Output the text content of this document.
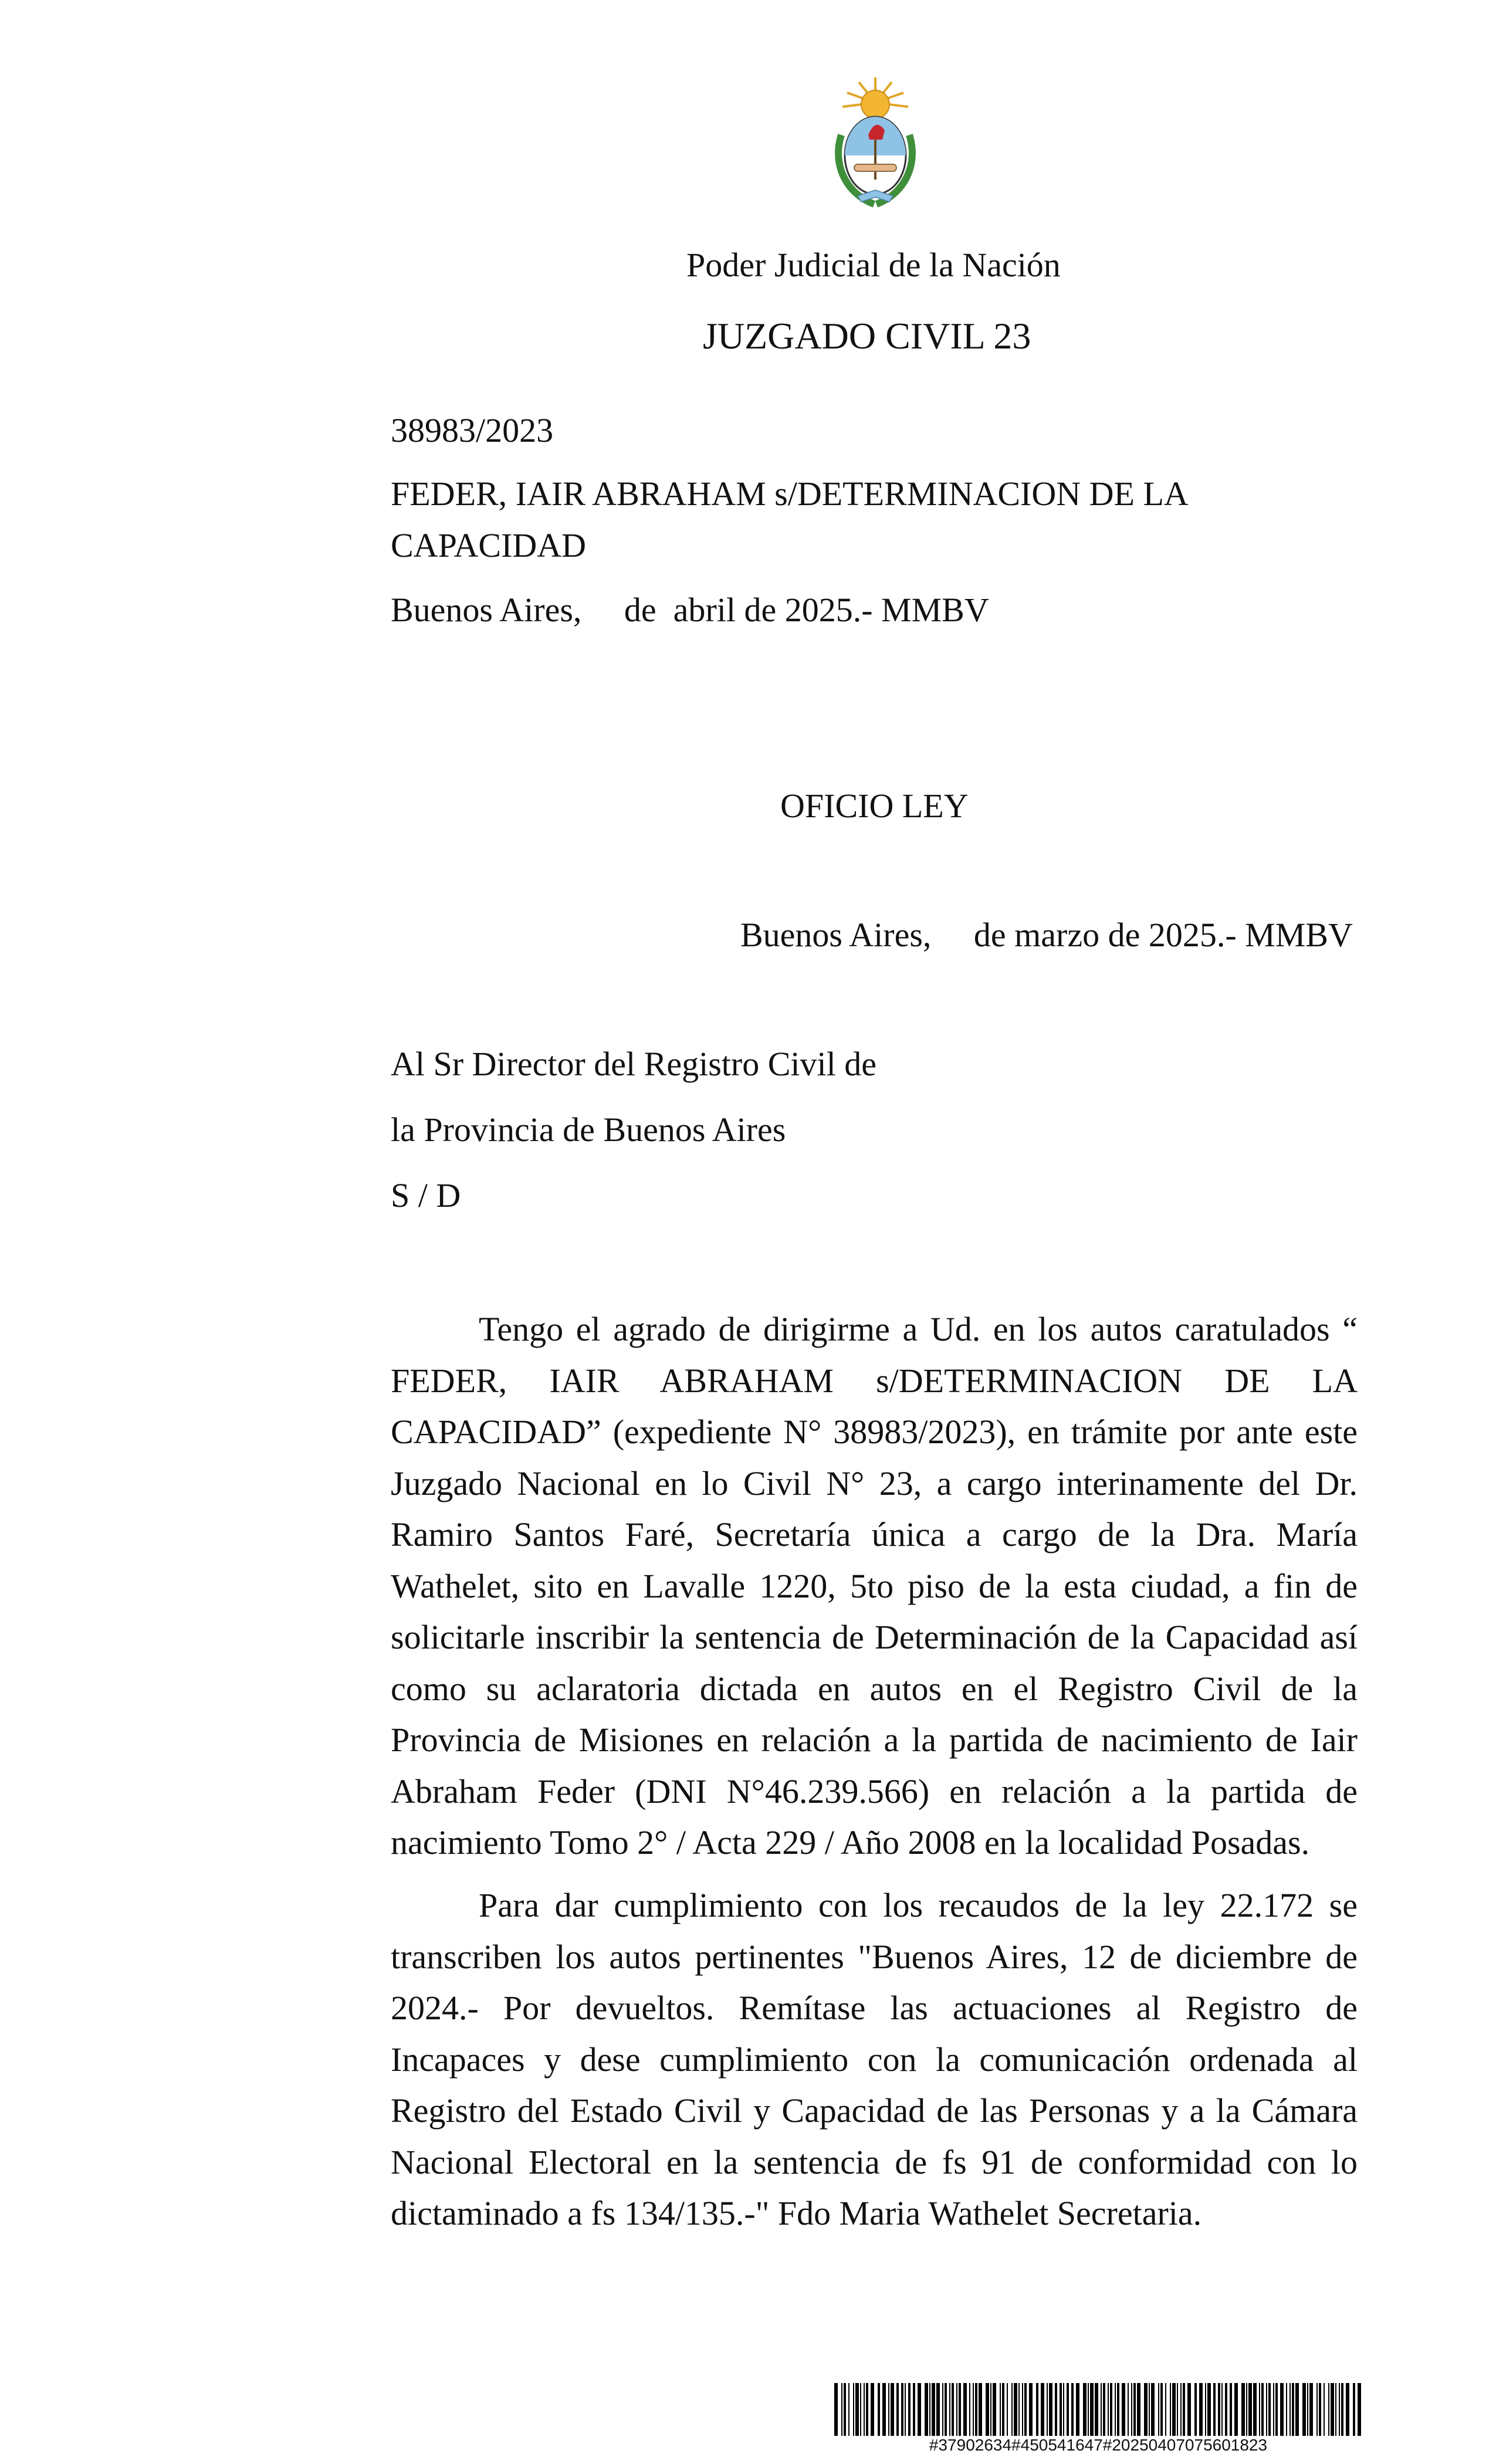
Poder Judicial de la Nación
JUZGADO CIVIL 23
38983/2023
FEDER, IAIR ABRAHAM s/DETERMINACION DE LA
CAPACIDAD
Buenos Aires,     de  abril de 2025.- MMBV
OFICIO LEY
Buenos Aires,     de marzo de 2025.- MMBV
Al Sr Director del Registro Civil de
la Provincia de Buenos Aires
S / D

Tengo el agrado de dirigirme a Ud. en los autos caratulados “ FEDER, IAIR ABRAHAM s/DETERMINACION DE LA CAPACIDAD” (expediente N° 38983/2023), en trámite por ante este Juzgado Nacional en lo Civil N° 23, a cargo interinamente del Dr. Ramiro Santos Faré, Secretaría única a cargo de la Dra. María Wathelet, sito en Lavalle 1220, 5to piso de la esta ciudad, a fin de solicitarle inscribir la sentencia de Determinación de la Capacidad así como su aclaratoria dictada en autos en el Registro Civil de la Provincia de Misiones en relación a la partida de nacimiento de Iair Abraham Feder (DNI N°46.239.566) en relación a la partida de nacimiento Tomo 2° / Acta 229 / Año 2008 en la localidad Posadas.

Para dar cumplimiento con los recaudos de la ley 22.172 se transcriben los autos pertinentes "Buenos Aires, 12 de diciembre de 2024.- Por devueltos. Remítase las actuaciones al Registro de Incapaces y dese cumplimiento con la comunicación ordenada al Registro del Estado Civil y Capacidad de las Personas y a la Cámara Nacional Electoral en la sentencia de fs 91 de conformidad con lo dictaminado a fs 134/135.-" Fdo Maria Wathelet Secretaria.

#37902634#450541647#20250407075601823
